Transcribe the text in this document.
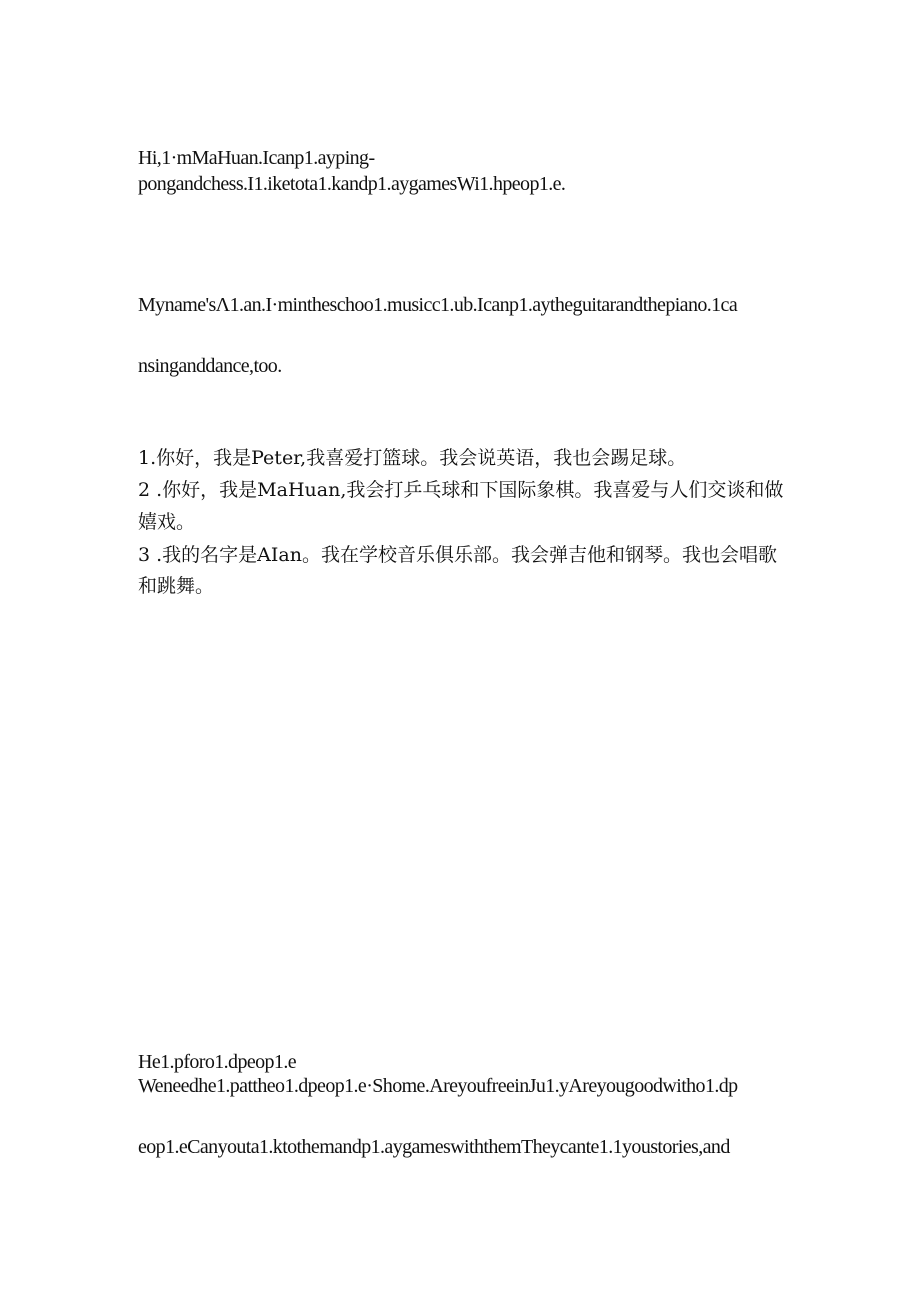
Hi,1·mMaHuan.Icanp1.ayping-
pongandchess.I1.iketota1.kandp1.aygamesWi1.hpeop1.e.
Myname'sΛ1.an.I·mintheschoo1.musicc1.ub.Icanp1.aytheguitarandthepiano.1ca
nsinganddance,too.
1.你好，我是Peter,我喜爱打篮球。我会说英语，我也会踢足球。
2 .你好，我是MaHuan,我会打乒乓球和下国际象棋。我喜爱与人们交谈和做
嬉戏。
3 .我的名字是AIan。我在学校音乐俱乐部。我会弹吉他和钢琴。我也会唱歌
和跳舞。
He1.pforo1.dpeop1.e
Weneedhe1.pattheo1.dpeop1.e·Shome.AreyoufreeinJu1.yAreyougoodwitho1.dp
eop1.eCanyouta1.ktothemandp1.aygameswiththemTheycante1.1youstories,and
